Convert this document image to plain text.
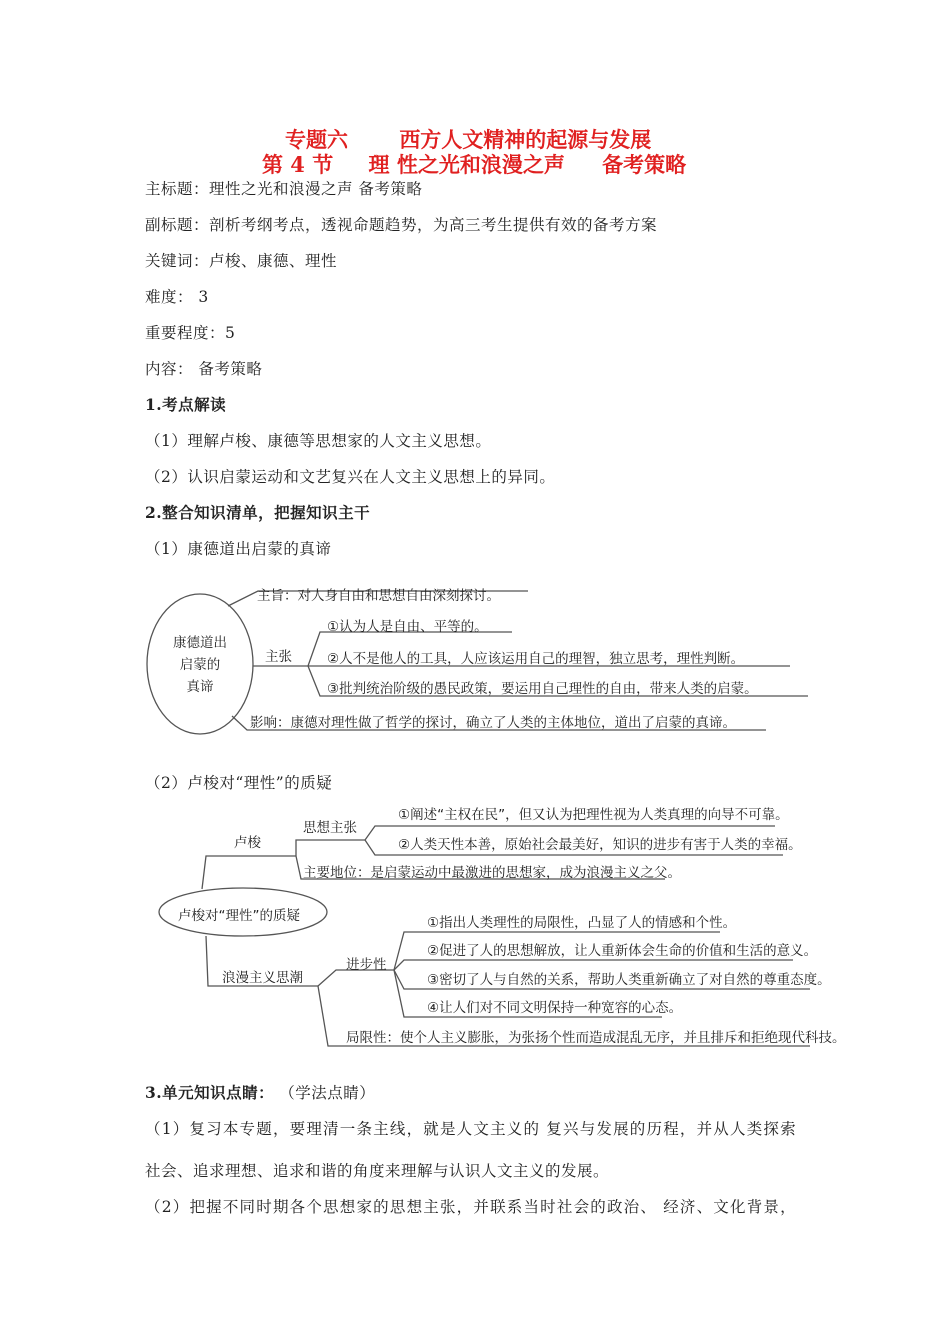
专题六 西方人文精神的起源与发展
第 4 节 理 性之光和浪漫之声 备考策略
主标题：理性之光和浪漫之声 备考策略
副标题：剖析考纲考点，透视命题趋势，为高三考生提供有效的备考方案
关键词：卢梭、康德、理性
难度： 3
重要程度：5
内容： 备考策略
1.考点解读
（1）理解卢梭、康德等思想家的人文主义思想。
（2）认识启蒙运动和文艺复兴在人文主义思想上的异同。
2.整合知识清单，把握知识主干
（1）康德道出启蒙的真谛
康德道出
启蒙的
真谛
主旨：对人身自由和思想自由深刻探讨。
主张
①认为人是自由、平等的。
②人不是他人的工具，人应该运用自己的理智，独立思考，理性判断。
③批判统治阶级的愚民政策，要运用自己理性的自由，带来人类的启蒙。
影响：康德对理性做了哲学的探讨，确立了人类的主体地位，道出了启蒙的真谛。
（2）卢梭对“理性”的质疑
卢梭对“理性”的质疑
卢梭
思想主张
①阐述“主权在民”，但又认为把理性视为人类真理的向导不可靠。
②人类天性本善，原始社会最美好，知识的进步有害于人类的幸福。
主要地位：是启蒙运动中最激进的思想家，成为浪漫主义之父。
浪漫主义思潮
进步性
①指出人类理性的局限性，凸显了人的情感和个性。
②促进了人的思想解放，让人重新体会生命的价值和生活的意义。
③密切了人与自然的关系，帮助人类重新确立了对自然的尊重态度。
④让人们对不同文明保持一种宽容的心态。
局限性：使个人主义膨胀，为张扬个性而造成混乱无序，并且排斥和拒绝现代科技。
3.单元知识点睛： （学法点睛）
（1）复习本专题，要理清一条主线，就是人文主义的 复兴与发展的历程，并从人类探索
社会、追求理想、追求和谐的角度来理解与认识人文主义的发展。
（2）把握不同时期各个思想家的思想主张，并联系当时社会的政治、 经济、文化背景，
